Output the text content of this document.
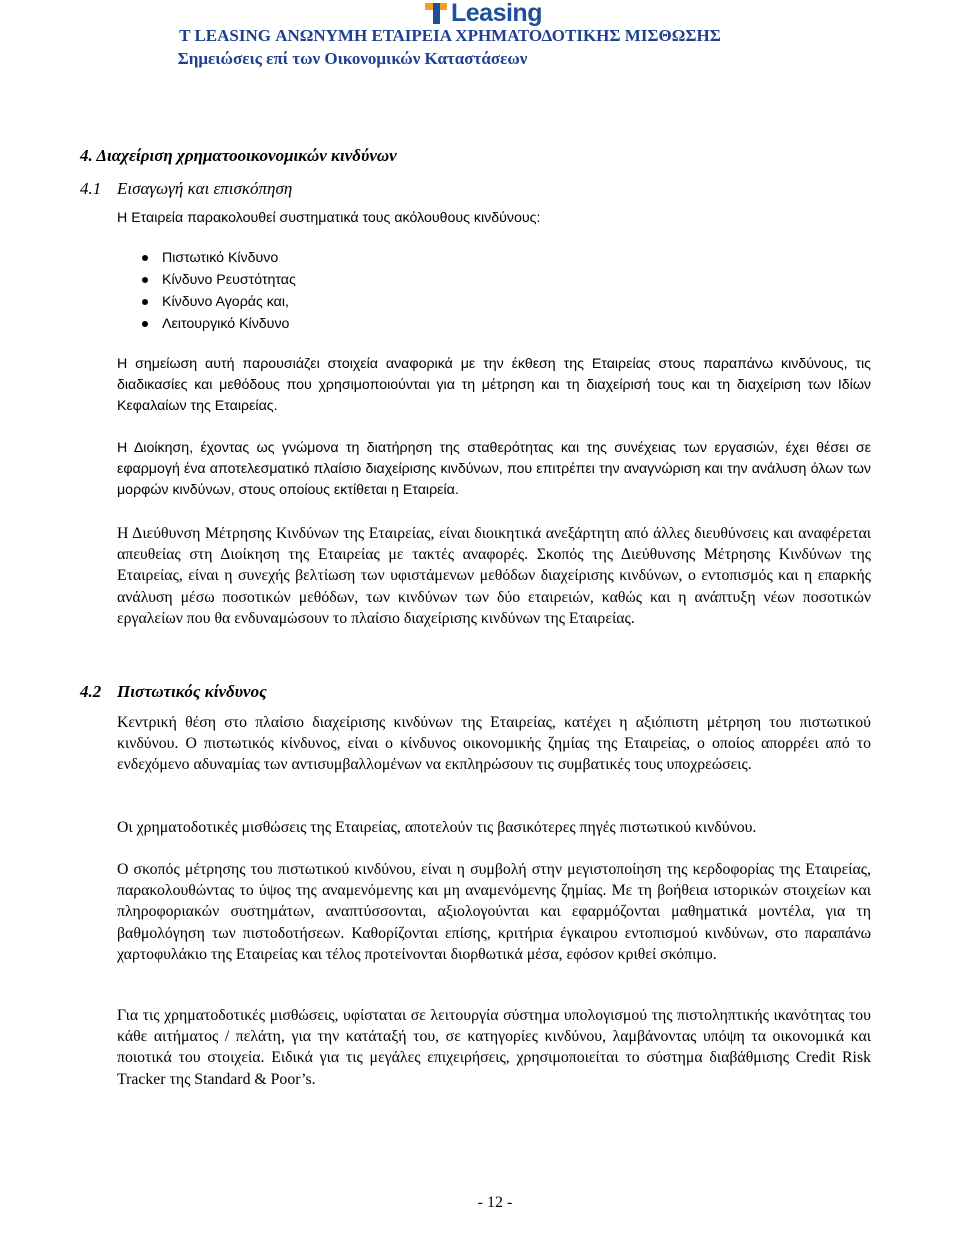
Leasing
T LEASING ΑΝΩΝΥΜΗ ΕΤΑΙΡΕΙΑ ΧΡΗΜΑΤΟΔΟΤΙΚΗΣ ΜΙΣΘΩΣΗΣ
Σημειώσεις επί των Οικονομικών Καταστάσεων
4. Διαχείριση χρηματοοικονομικών κινδύνων
4.1 Εισαγωγή και επισκόπηση

Η Εταιρεία παρακολουθεί συστηματικά τους ακόλουθους κινδύνους:

Πιστωτικό Κίνδυνο
Κίνδυνο Ρευστότητας
Κίνδυνο Αγοράς και,
Λειτουργικό Κίνδυνο

Η σημείωση αυτή παρουσιάζει στοιχεία αναφορικά με την έκθεση της Εταιρείας στους παραπάνω κινδύνους, τις διαδικασίες και μεθόδους που χρησιμοποιούνται για τη μέτρηση και τη διαχείρισή τους και τη διαχείριση των Ιδίων Κεφαλαίων της Εταιρείας.

Η Διοίκηση, έχοντας ως γνώμονα τη διατήρηση της σταθερότητας και της συνέχειας των εργασιών, έχει θέσει σε εφαρμογή ένα αποτελεσματικό πλαίσιο διαχείρισης κινδύνων, που επιτρέπει την αναγνώριση και την ανάλυση όλων των μορφών κινδύνων, στους οποίους εκτίθεται η Εταιρεία.

Η Διεύθυνση Μέτρησης Κινδύνων της Εταιρείας, είναι διοικητικά ανεξάρτητη από άλλες διευθύνσεις και αναφέρεται απευθείας στη Διοίκηση της Εταιρείας με τακτές αναφορές. Σκοπός της Διεύθυνσης Μέτρησης Κινδύνων της Εταιρείας, είναι η συνεχής βελτίωση των υφιστάμενων μεθόδων διαχείρισης κινδύνων, ο εντοπισμός και η επαρκής ανάλυση μέσω ποσοτικών μεθόδων, των κινδύνων των δύο εταιρειών, καθώς και η ανάπτυξη νέων ποσοτικών εργαλείων που θα ενδυναμώσουν το πλαίσιο διαχείρισης κινδύνων της Εταιρείας.

4.2 Πιστωτικός κίνδυνος

Κεντρική θέση στο πλαίσιο διαχείρισης κινδύνων της Εταιρείας, κατέχει η αξιόπιστη μέτρηση του πιστωτικού κινδύνου. Ο πιστωτικός κίνδυνος, είναι ο κίνδυνος οικονομικής ζημίας της Εταιρείας, ο οποίος απορρέει από το ενδεχόμενο αδυναμίας των αντισυμβαλλομένων να εκπληρώσουν τις συμβατικές τους υποχρεώσεις.

Οι χρηματοδοτικές μισθώσεις της Εταιρείας, αποτελούν τις βασικότερες πηγές πιστωτικού κινδύνου.

Ο σκοπός μέτρησης του πιστωτικού κινδύνου, είναι η συμβολή στην μεγιστοποίηση της κερδοφορίας της Εταιρείας, παρακολουθώντας το ύψος της αναμενόμενης και μη αναμενόμενης ζημίας. Με τη βοήθεια ιστορικών στοιχείων και πληροφοριακών συστημάτων, αναπτύσσονται, αξιολογούνται και εφαρμόζονται μαθηματικά μοντέλα, για τη βαθμολόγηση των πιστοδοτήσεων. Καθορίζονται επίσης, κριτήρια έγκαιρου εντοπισμού κινδύνων, στο παραπάνω χαρτοφυλάκιο της Εταιρείας και τέλος προτείνονται διορθωτικά μέσα, εφόσον κριθεί σκόπιμο.

Για τις χρηματοδοτικές μισθώσεις, υφίσταται σε λειτουργία σύστημα υπολογισμού της πιστοληπτικής ικανότητας του κάθε αιτήματος / πελάτη, για την κατάταξή του, σε κατηγορίες κινδύνου, λαμβάνοντας υπόψη τα οικονομικά και ποιοτικά του στοιχεία. Ειδικά για τις μεγάλες επιχειρήσεις, χρησιμοποιείται το σύστημα διαβάθμισης Credit Risk Tracker της Standard & Poor’s.

- 12 -
